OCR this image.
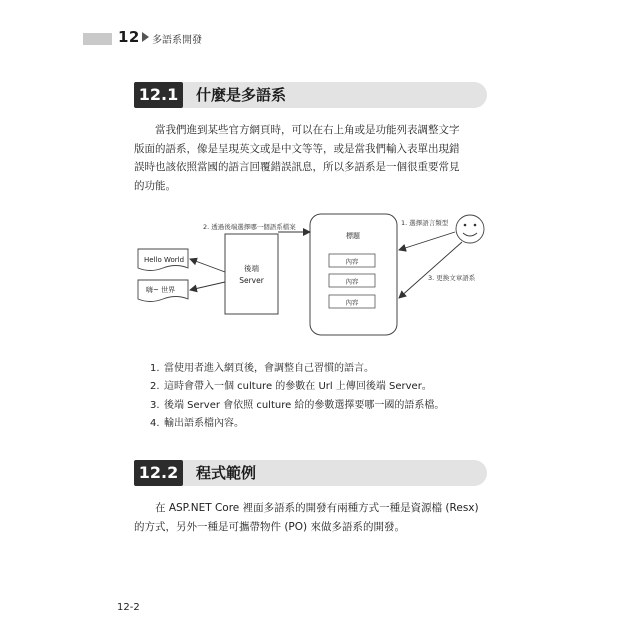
12 多語系開發
12.1	什麼是多語系
當我們進到某些官方網頁時，可以在右上角或是功能列表調整文字
版面的語系，像是呈現英文或是中文等等，或是當我們輸入表單出現錯
誤時也該依照當國的語言回覆錯誤訊息，所以多語系是一個很重要常見
的功能。
2. 透過後端選擇哪一個語系檔案
後端
Server
標題
內容
內容
內容
Hello World
嗨~ 世界
1. 選擇語言類型
3. 更換文章語系
1. 當使用者進入網頁後，會調整自己習慣的語言。
2. 這時會帶入一個 culture 的參數在 Url 上傳回後端 Server。
3. 後端 Server 會依照 culture 給的參數選擇要哪一國的語系檔。
4. 輸出語系檔內容。
12.2	程式範例
在 ASP.NET Core 裡面多語系的開發有兩種方式一種是資源檔 (Resx)
的方式，另外一種是可攜帶物件 (PO) 來做多語系的開發。
12-2
